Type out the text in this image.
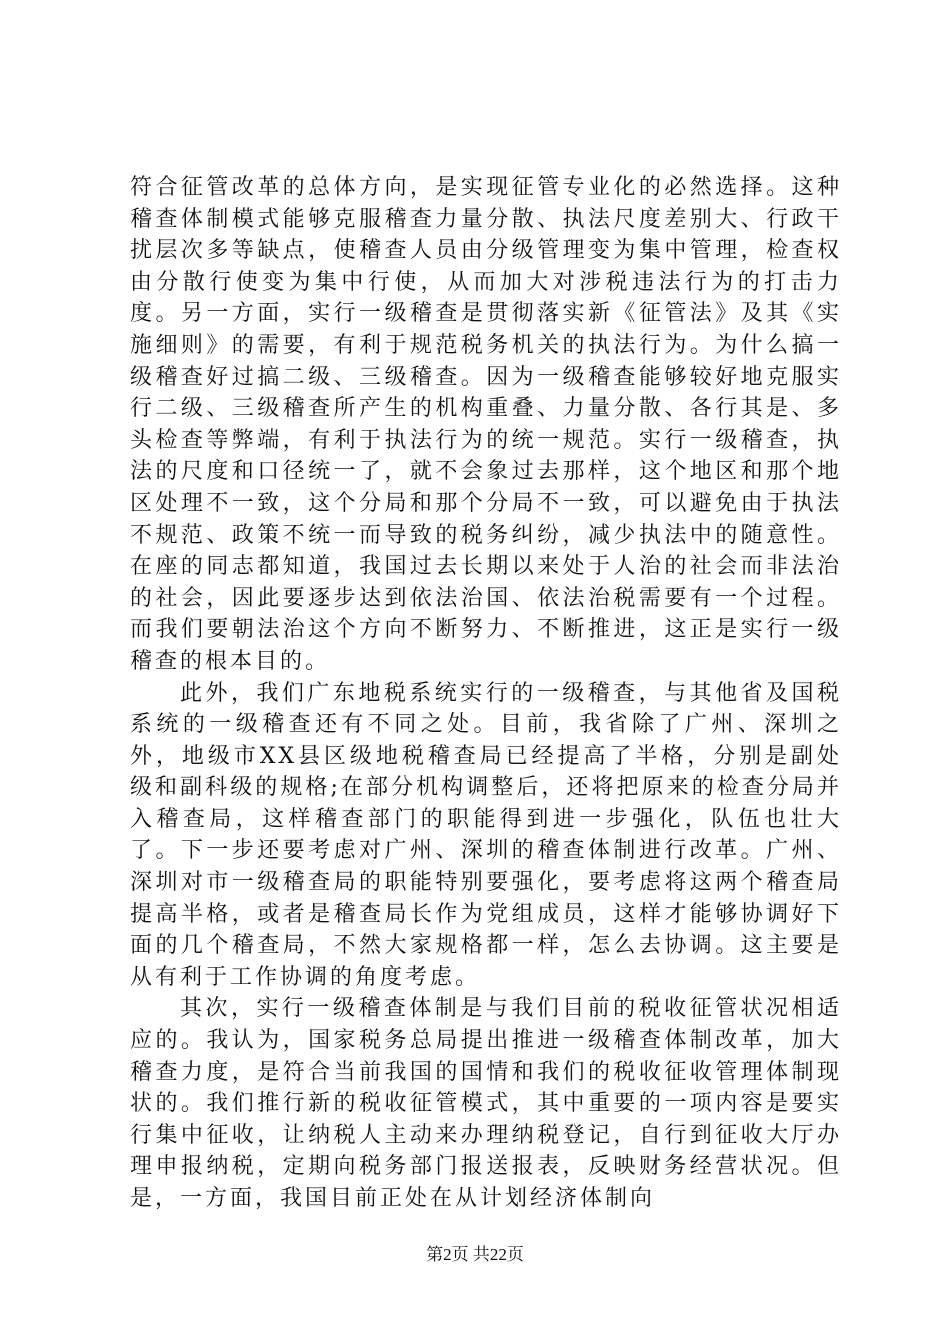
符合征管改革的总体方向，是实现征管专业化的必然选择。这种稽查体制模式能够克服稽查力量分散、执法尺度差别大、行政干扰层次多等缺点，使稽查人员由分级管理变为集中管理，检查权由分散行使变为集中行使，从而加大对涉税违法行为的打击力度。另一方面，实行一级稽查是贯彻落实新《征管法》及其《实施细则》的需要，有利于规范税务机关的执法行为。为什么搞一级稽查好过搞二级、三级稽查。因为一级稽查能够较好地克服实行二级、三级稽查所产生的机构重叠、力量分散、各行其是、多头检查等弊端，有利于执法行为的统一规范。实行一级稽查，执法的尺度和口径统一了，就不会象过去那样，这个地区和那个地区处理不一致，这个分局和那个分局不一致，可以避免由于执法不规范、政策不统一而导致的税务纠纷，减少执法中的随意性。在座的同志都知道，我国过去长期以来处于人治的社会而非法治的社会，因此要逐步达到依法治国、依法治税需要有一个过程。而我们要朝法治这个方向不断努力、不断推进，这正是实行一级稽查的根本目的。

此外，我们广东地税系统实行的一级稽查，与其他省及国税系统的一级稽查还有不同之处。目前，我省除了广州、深圳之外，地级市XX县区级地税稽查局已经提高了半格，分别是副处级和副科级的规格;在部分机构调整后，还将把原来的检查分局并入稽查局，这样稽查部门的职能得到进一步强化，队伍也壮大了。下一步还要考虑对广州、深圳的稽查体制进行改革。广州、深圳对市一级稽查局的职能特别要强化，要考虑将这两个稽查局提高半格，或者是稽查局长作为党组成员，这样才能够协调好下面的几个稽查局，不然大家规格都一样，怎么去协调。这主要是从有利于工作协调的角度考虑。

其次，实行一级稽查体制是与我们目前的税收征管状况相适应的。我认为，国家税务总局提出推进一级稽查体制改革，加大稽查力度，是符合当前我国的国情和我们的税收征收管理体制现状的。我们推行新的税收征管模式，其中重要的一项内容是要实行集中征收，让纳税人主动来办理纳税登记，自行到征收大厅办理申报纳税，定期向税务部门报送报表，反映财务经营状况。但是，一方面，我国目前正处在从计划经济体制向

第2页 共22页
